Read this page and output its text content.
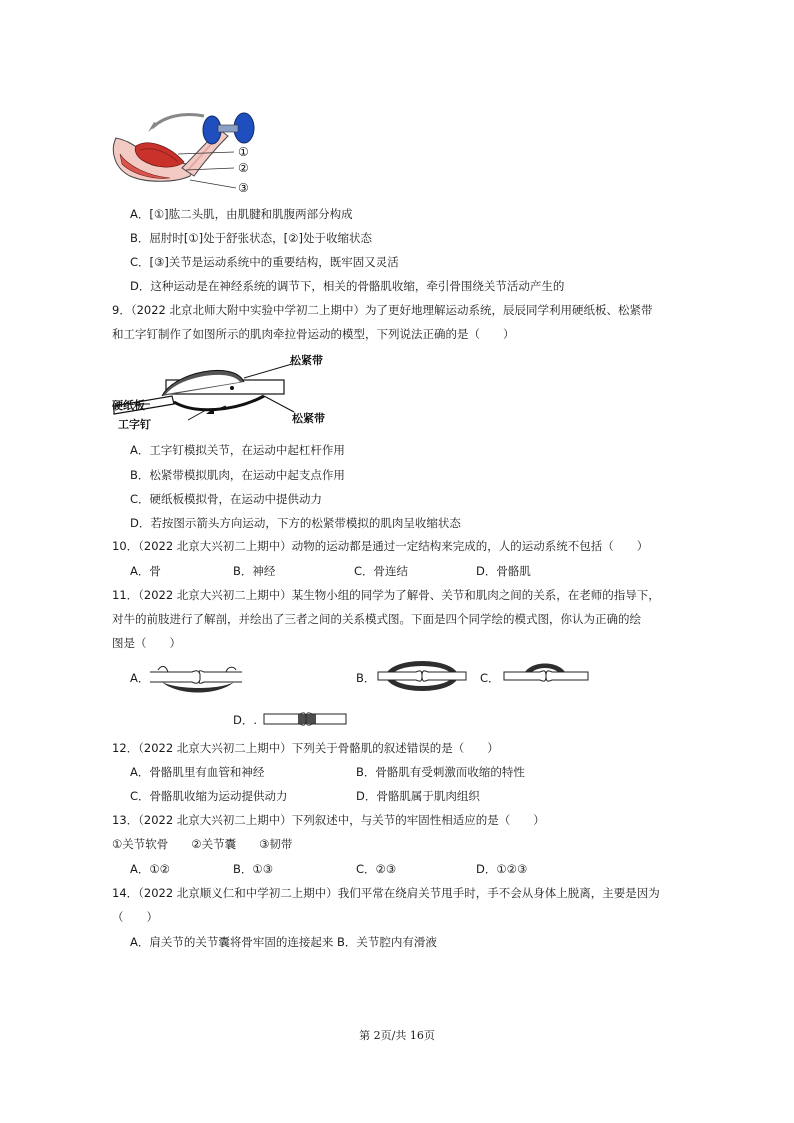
①
②
③
A．[①]肱二头肌，由肌腱和肌腹两部分构成
B．屈肘时[①]处于舒张状态，[②]处于收缩状态
C．[③]关节是运动系统中的重要结构，既牢固又灵活
D．这种运动是在神经系统的调节下，相关的骨骼肌收缩，牵引骨围绕关节活动产生的
9．（2022 北京北师大附中实验中学初二上期中）为了更好地理解运动系统，辰辰同学利用硬纸板、松紧带
和工字钉制作了如图所示的肌肉牵拉骨运动的模型，下列说法正确的是（　　）
松紧带
松紧带
硬纸板
工字钉
A．工字钉模拟关节，在运动中起杠杆作用
B．松紧带模拟肌肉，在运动中起支点作用
C．硬纸板模拟骨，在运动中提供动力
D．若按图示箭头方向运动，下方的松紧带模拟的肌肉呈收缩状态
10．（2022 北京大兴初二上期中）动物的运动都是通过一定结构来完成的，人的运动系统不包括（　　）
A．骨	B．神经	C．骨连结	D．骨骼肌
11．（2022 北京大兴初二上期中）某生物小组的同学为了解骨、关节和肌肉之间的关系，在老师的指导下，
对牛的前肢进行了解剖，并绘出了三者之间的关系模式图。下面是四个同学绘的模式图，你认为正确的绘
图是（　　）
A．	B．	C．
D．.
12．（2022 北京大兴初二上期中）下列关于骨骼肌的叙述错误的是（　　）
A．骨骼肌里有血管和神经	B．骨骼肌有受刺激而收缩的特性
C．骨骼肌收缩为运动提供动力	D．骨骼肌属于肌肉组织
13．（2022 北京大兴初二上期中）下列叙述中，与关节的牢固性相适应的是（　　）
①关节软骨　　②关节囊　　③韧带
A．①②	B．①③	C．②③	D．①②③
14．（2022 北京顺义仁和中学初二上期中）我们平常在绕肩关节甩手时，手不会从身体上脱离，主要是因为
（　　）
A．肩关节的关节囊将骨牢固的连接起来 B．关节腔内有滑液
第 2页/共 16页
